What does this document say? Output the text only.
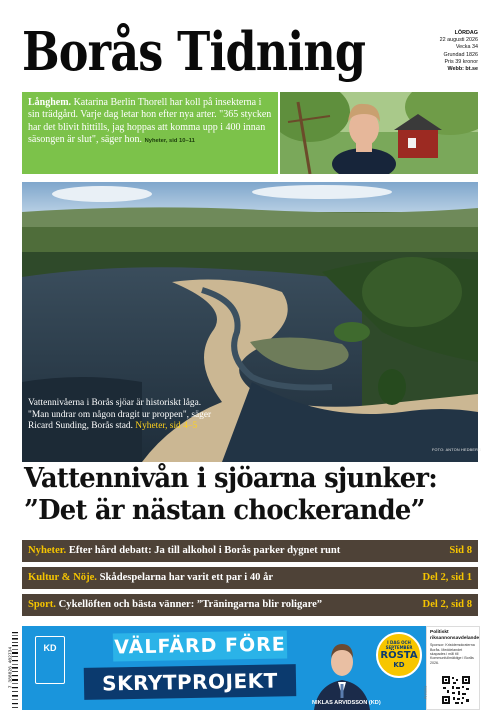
Borås Tidning	LÖRDAG
22 augusti 2026
Vecka 34
Grundad 1826
Pris 39 kronor
Webb: bt.se

Långhem. Katarina Berlin Thorell har koll på insekterna i sin trädgård. Varje dag letar hon efter nya arter. "365 stycken har det blivit hittills, jag hoppas att komma upp i 400 innan säsongen är slut", säger hon. Nyheter, sid 10–11

Vattennivåerna i Borås sjöar är historiskt låga. "Man undrar om någon dragit ur proppen", säger Ricard Sunding, Borås stad. Nyheter, sid 4–5
FOTO: ANTON HEDBERG
Vattennivån i sjöarna sjunker:
”Det är nästan chockerande”
Nyheter. Efter hård debatt: Ja till alkohol i Borås parker dygnet runt	Sid 8
Kultur & Nöje. Skådespelarna har varit ett par i 40 år	Del 2, sid 1
Sport. Cykellöften och bästa vänner: ”Träningarna blir roligare”	Del 2, sid 8
7 388826 402734	KD	VÄLFÄRD FÖRE
SKRYTPROJEKT
NIKLAS ARVIDSSON (KD)
I DAG OCH SEPTEMBER
RÖSTA
KD
Politiskt riksannonsavdelande
Sponsor: Kristdemokraterna Borås. Meddelandet skapades i mål till Kommunfullmäktige i Borås 2026.
Annons
